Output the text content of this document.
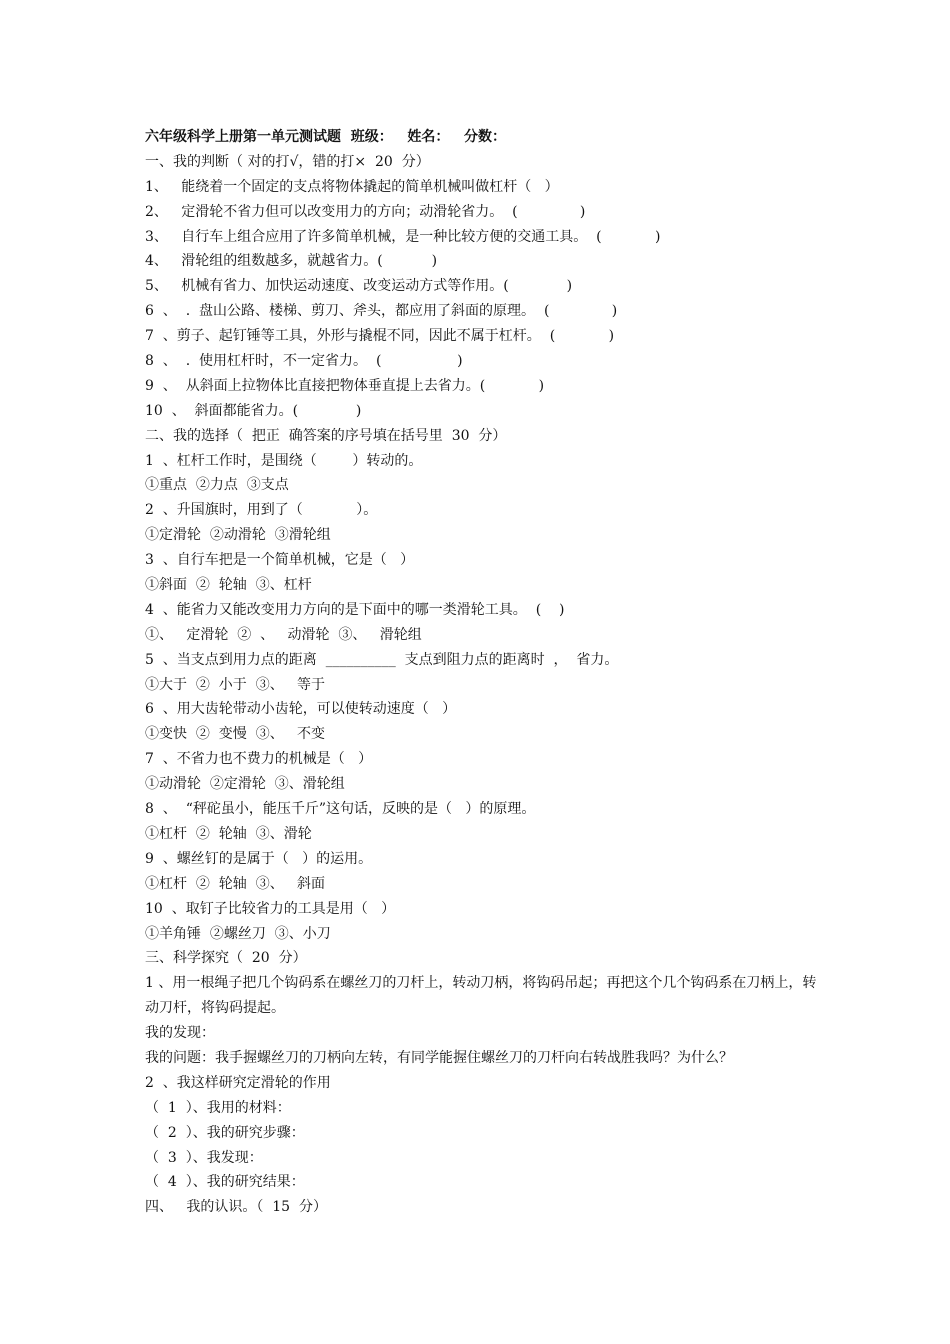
六年级科学上册第一单元测试题  班级：   姓名：   分数：
一、我的判断（ 对的打√，错的打×  20  分）
1、   能绕着一个固定的支点将物体撬起的简单机械叫做杠杆（   ）
2、   定滑轮不省力但可以改变用力的方向；动滑轮省力。  (              )
3、   自行车上组合应用了许多简单机械，是一种比较方便的交通工具。  (            )
4、   滑轮组的组数越多，就越省力。(           )
5、   机械有省力、加快运动速度、改变运动方式等作用。(             )
6  、  .  盘山公路、楼梯、剪刀、斧头，都应用了斜面的原理。  (              )
7  、剪子、起钉锤等工具，外形与撬棍不同，因此不属于杠杆。  (            )
8  、  .  使用杠杆时，不一定省力。  (                 )
9  、  从斜面上拉物体比直接把物体垂直提上去省力。(            )
10  、  斜面都能省力。(             )
二、我的选择（  把正  确答案的序号填在括号里  30  分）
1  、杠杆工作时，是围绕（        ）转动的。
①重点  ②力点  ③支点
2  、升国旗时，用到了（            ）。
①定滑轮  ②动滑轮  ③滑轮组
3  、自行车把是一个简单机械，它是（   ）
①斜面  ②  轮轴  ③、杠杆
4  、能省力又能改变用力方向的是下面中的哪一类滑轮工具。  (    )
①、   定滑轮  ②  、   动滑轮  ③、   滑轮组
5  、当支点到用力点的距离  __________  支点到阻力点的距离时  ，  省力。
①大于  ②  小于  ③、   等于
6  、用大齿轮带动小齿轮，可以使转动速度（   ）
①变快  ②  变慢  ③、   不变
7  、不省力也不费力的机械是（   ）
①动滑轮  ②定滑轮  ③、滑轮组
8  、  “秤砣虽小，能压千斤”这句话，反映的是（   ）的原理。
①杠杆  ②  轮轴  ③、滑轮
9  、螺丝钉的是属于（   ）的运用。
①杠杆  ②  轮轴  ③、   斜面
10  、取钉子比较省力的工具是用（   ）
①羊角锤  ②螺丝刀  ③、小刀
三、科学探究（  20  分）
1 、用一根绳子把几个钩码系在螺丝刀的刀杆上，转动刀柄，将钩码吊起；再把这个几个钩码系在刀柄上，转动刀杆，将钩码提起。
我的发现：
我的问题：我手握螺丝刀的刀柄向左转，有同学能握住螺丝刀的刀杆向右转战胜我吗？为什么？
2  、我这样研究定滑轮的作用
（  1  ）、我用的材料：
（  2  ）、我的研究步骤：
（  3  ）、我发现：
（  4  ）、我的研究结果：
四、   我的认识。（  15  分）
